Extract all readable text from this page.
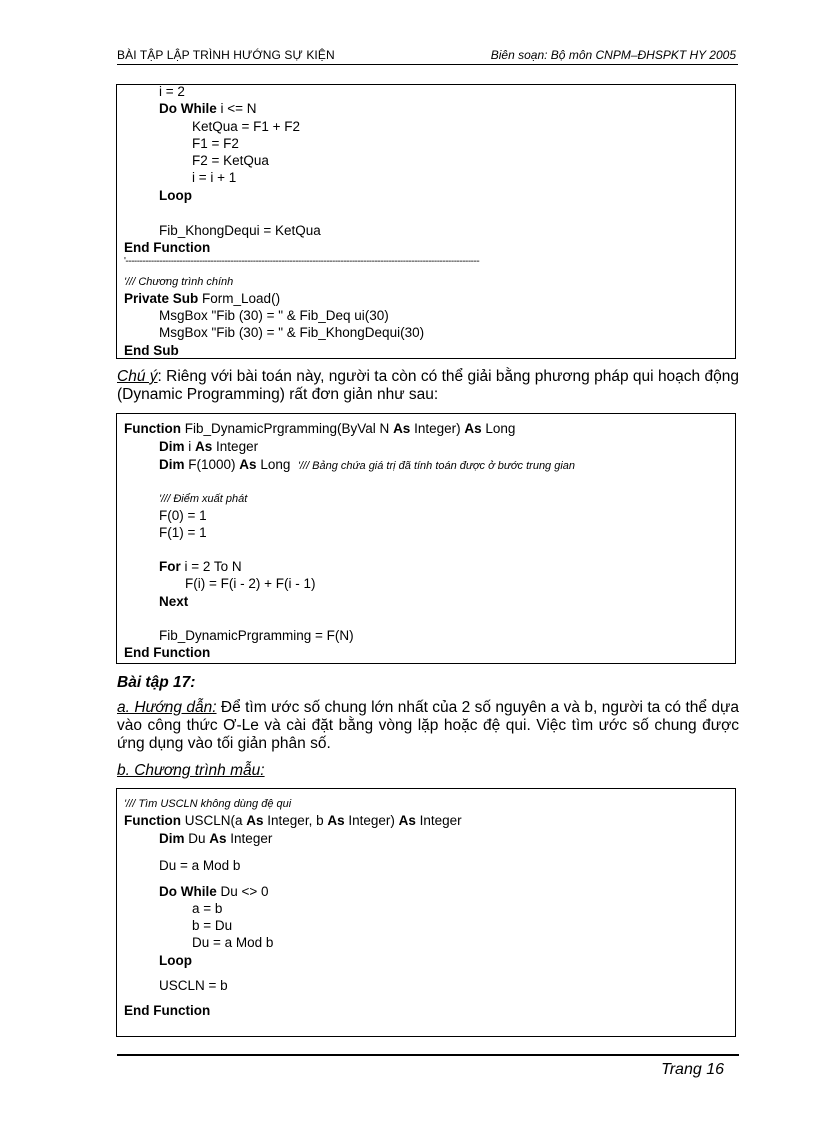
BÀI TẬP LẬP TRÌNH HƯỚNG SỰ KIỆN	Biên soạn: Bộ môn CNPM–ĐHSPKT HY 2005
i = 2
Do While i <= N
KetQua = F1 + F2
F1 = F2
F2 = KetQua
i = i + 1
Loop
Fib_KhongDequi = KetQua
End Function
'-----------------------------------------------------------------------------------------------------------------------------
'/// Chương trình chính
Private Sub Form_Load()
MsgBox "Fib (30) = " & Fib_Deq ui(30)
MsgBox "Fib (30) = " & Fib_KhongDequi(30)
End Sub

Chú ý: Riêng với bài toán này, người ta còn có thể giải bằng phương pháp qui hoạch động (Dynamic Programming) rất đơn giản như sau:

Function Fib_DynamicPrgramming(ByVal N As Integer) As Long
Dim i As Integer
Dim F(1000) As Long  '/// Bảng chứa giá trị đã tính toán được ở bước trung gian
'/// Điểm xuất phát
F(0) = 1
F(1) = 1
For i = 2 To N
F(i) = F(i - 2) + F(i - 1)
Next
Fib_DynamicPrgramming = F(N)
End Function
Bài tập 17:

a. Hướng dẫn: Để tìm ước số chung lớn nhất của 2 số nguyên a và b, người ta có thể dựa vào công thức Ơ-Le và cài đặt bằng vòng lặp hoặc đệ qui. Việc tìm ước số chung được ứng dụng vào tối giản phân số.

b. Chương trình mẫu:
'/// Tìm USCLN không dùng đệ qui
Function USCLN(a As Integer, b As Integer) As Integer
Dim Du As Integer
Du = a Mod b
Do While Du <> 0
a = b
b = Du
Du = a Mod b
Loop
USCLN = b
End Function
Trang 16
